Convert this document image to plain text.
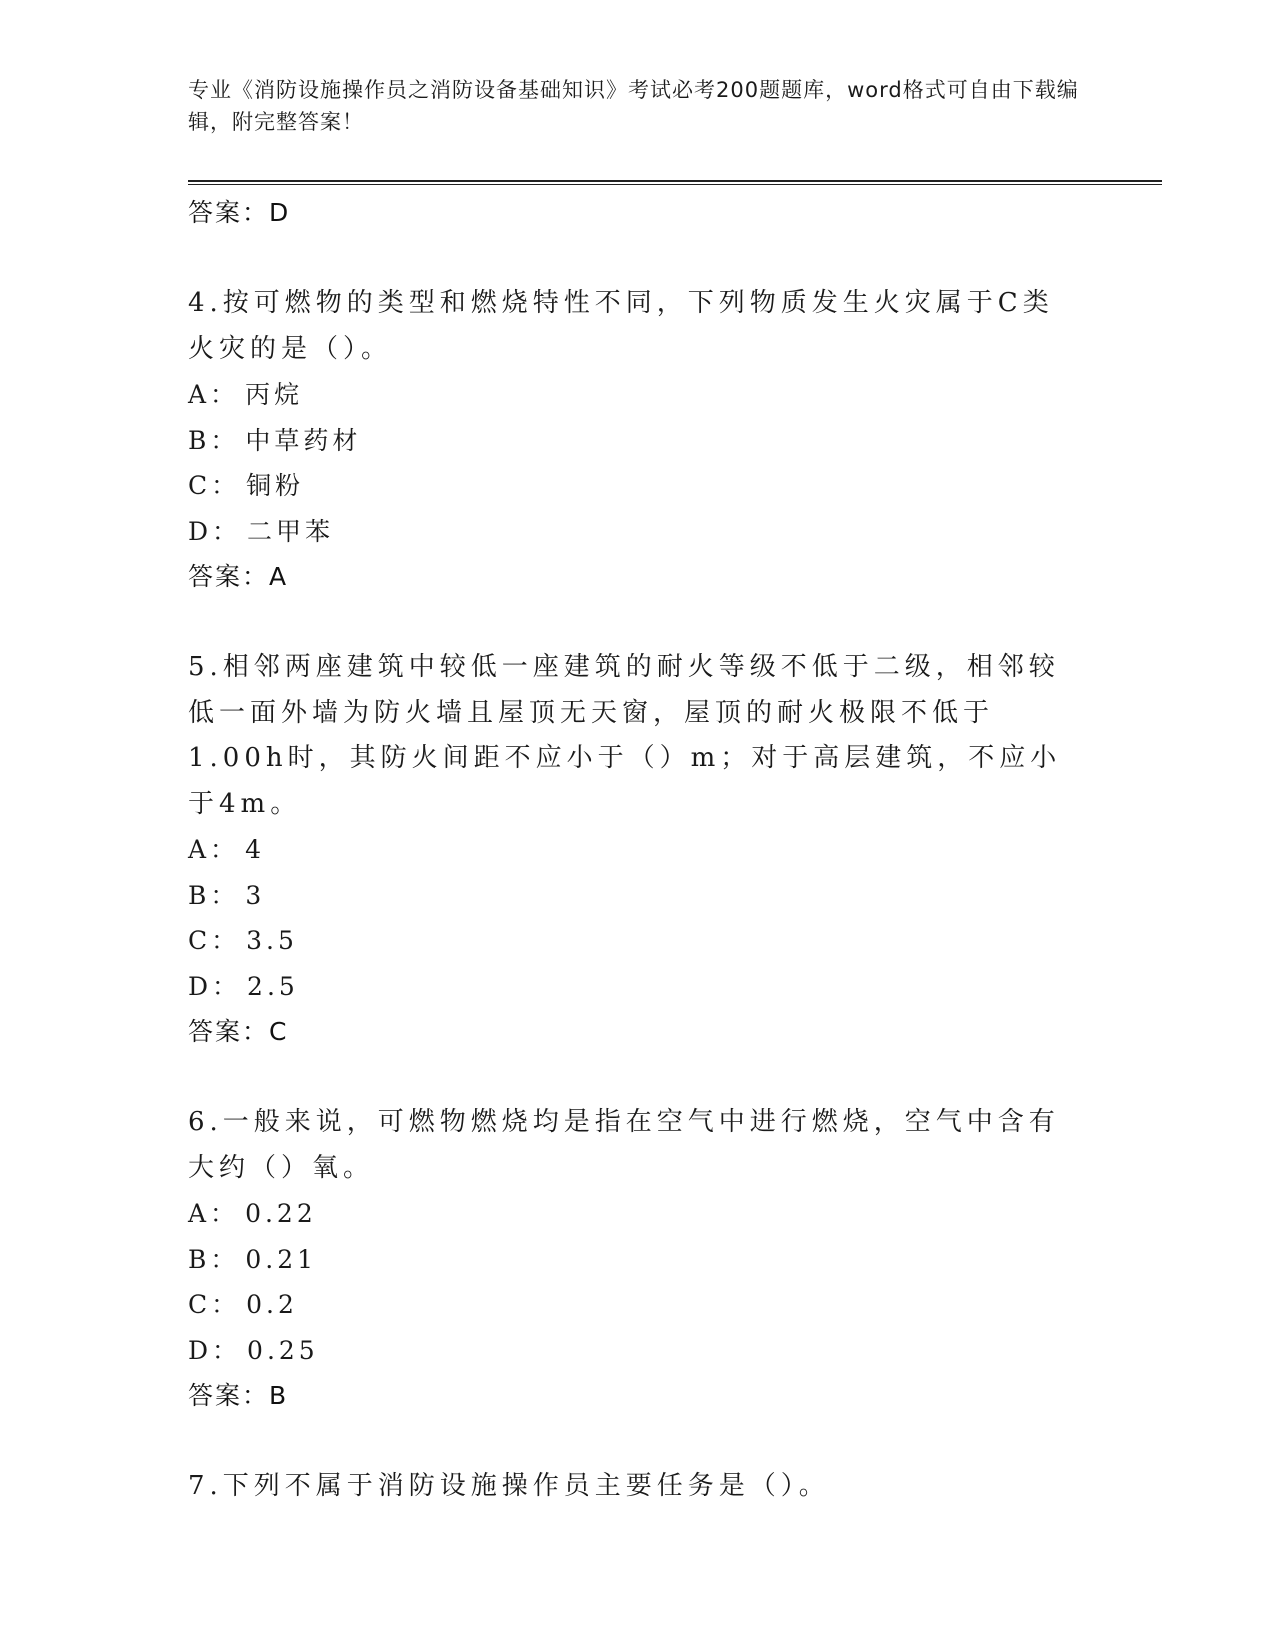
专业《消防设施操作员之消防设备基础知识》考试必考200题题库，word格式可自由下载编辑，附完整答案！
答案：D
4.按可燃物的类型和燃烧特性不同，下列物质发生火灾属于C类火灾的是（）。
A： 丙烷
B： 中草药材
C： 铜粉
D： 二甲苯
答案：A
5.相邻两座建筑中较低一座建筑的耐火等级不低于二级，相邻较低一面外墙为防火墙且屋顶无天窗，屋顶的耐火极限不低于1.00h时，其防火间距不应小于（）m；对于高层建筑，不应小于4m。
A： 4
B： 3
C： 3.5
D： 2.5
答案：C
6.一般来说，可燃物燃烧均是指在空气中进行燃烧，空气中含有大约（）氧。
A： 0.22
B： 0.21
C： 0.2
D： 0.25
答案：B
7.下列不属于消防设施操作员主要任务是（）。
